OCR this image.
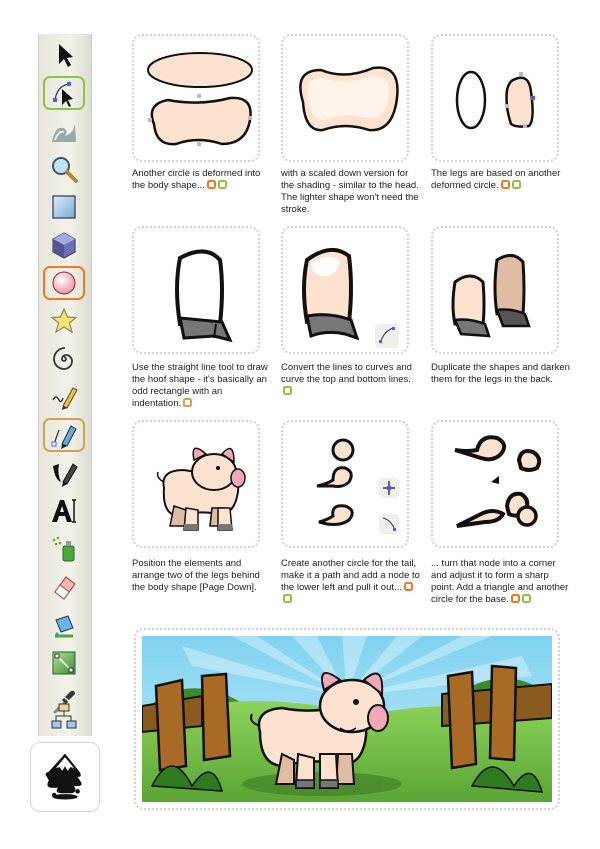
Another circle is deformed into the body shape...
with a scaled down version for the shading - similar to the head. The lighter shape won't need the stroke.
The legs are based on another deformed circle.
Use the straight line tool to draw the hoof shape - it's basically an odd rectangle with an indentation.
Convert the lines to curves and curve the top and bottom lines.
Duplicate the shapes and darken them for the legs in the back.
Position the elements and arrange two of the legs behind the body shape [Page Down].
Create another circle for the tail, make it a path and add a node to the lower left and pull it out...
... turn that node into a corner and adjust it to form a sharp point. Add a triangle and another circle for the base.
